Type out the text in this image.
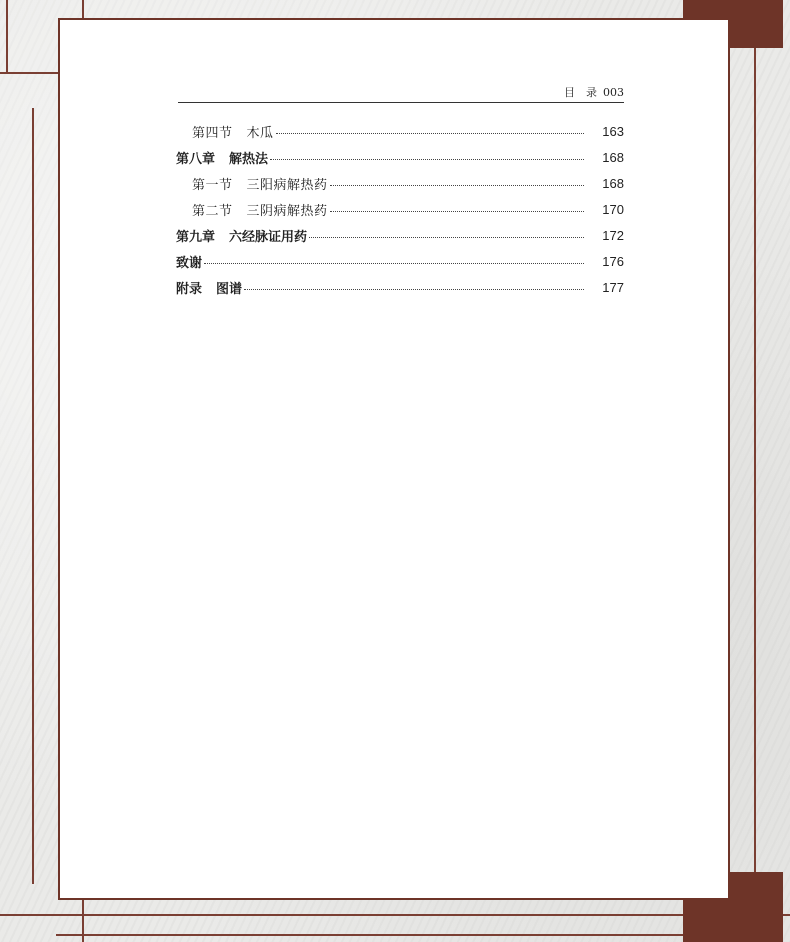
目　录 003
第四节 木瓜	163
第八章 解热法	168
第一节 三阳病解热药	168
第二节 三阴病解热药	170
第九章 六经脉证用药	172
致谢	176
附录 图谱	177
